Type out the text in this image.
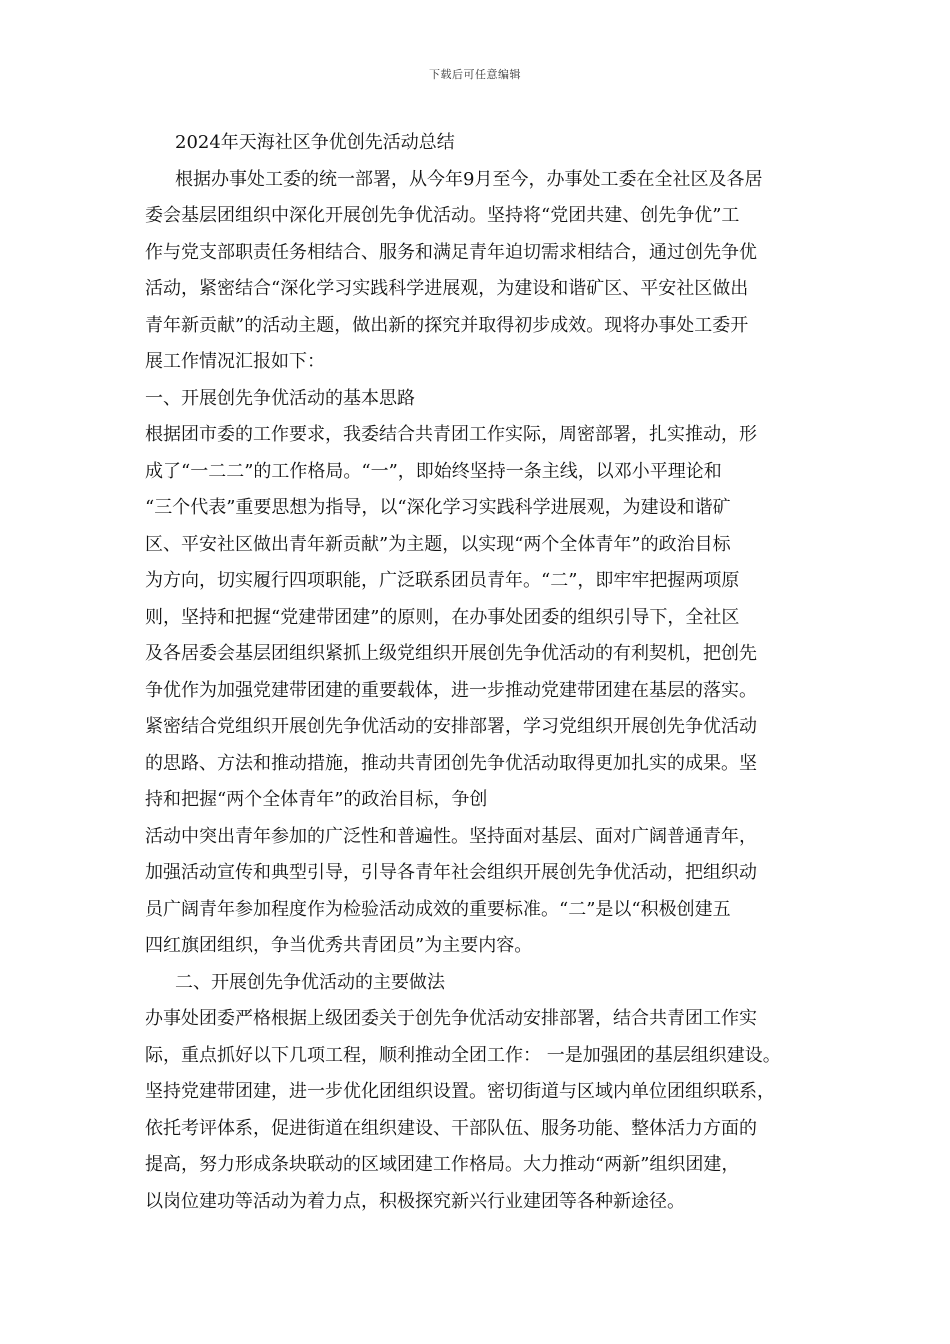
下载后可任意编辑

2024年天海社区争优创先活动总结

根据办事处工委的统一部署，从今年9月至今，办事处工委在全社区及各居

委会基层团组织中深化开展创先争优活动。坚持将“党团共建、创先争优”工

作与党支部职责任务相结合、服务和满足青年迫切需求相结合，通过创先争优

活动，紧密结合“深化学习实践科学进展观，为建设和谐矿区、平安社区做出

青年新贡献”的活动主题，做出新的探究并取得初步成效。现将办事处工委开

展工作情况汇报如下：

一、开展创先争优活动的基本思路

根据团市委的工作要求，我委结合共青团工作实际，周密部署，扎实推动，形

成了“一二二”的工作格局。“一”，即始终坚持一条主线，以邓小平理论和

“三个代表”重要思想为指导，以“深化学习实践科学进展观，为建设和谐矿

区、平安社区做出青年新贡献”为主题，以实现“两个全体青年”的政治目标

为方向，切实履行四项职能，广泛联系团员青年。“二”，即牢牢把握两项原

则，坚持和把握“党建带团建”的原则，在办事处团委的组织引导下，全社区

及各居委会基层团组织紧抓上级党组织开展创先争优活动的有利契机，把创先

争优作为加强党建带团建的重要载体，进一步推动党建带团建在基层的落实。

紧密结合党组织开展创先争优活动的安排部署，学习党组织开展创先争优活动

的思路、方法和推动措施，推动共青团创先争优活动取得更加扎实的成果。坚

持和把握“两个全体青年”的政治目标，争创

活动中突出青年参加的广泛性和普遍性。坚持面对基层、面对广阔普通青年，

加强活动宣传和典型引导，引导各青年社会组织开展创先争优活动，把组织动

员广阔青年参加程度作为检验活动成效的重要标准。“二”是以“积极创建五

四红旗团组织，争当优秀共青团员”为主要内容。

二、开展创先争优活动的主要做法

办事处团委严格根据上级团委关于创先争优活动安排部署，结合共青团工作实

际，重点抓好以下几项工程，顺利推动全团工作： 一是加强团的基层组织建设。

坚持党建带团建，进一步优化团组织设置。密切街道与区域内单位团组织联系，

依托考评体系，促进街道在组织建设、干部队伍、服务功能、整体活力方面的

提高，努力形成条块联动的区域团建工作格局。大力推动“两新”组织团建，

以岗位建功等活动为着力点，积极探究新兴行业建团等各种新途径。
